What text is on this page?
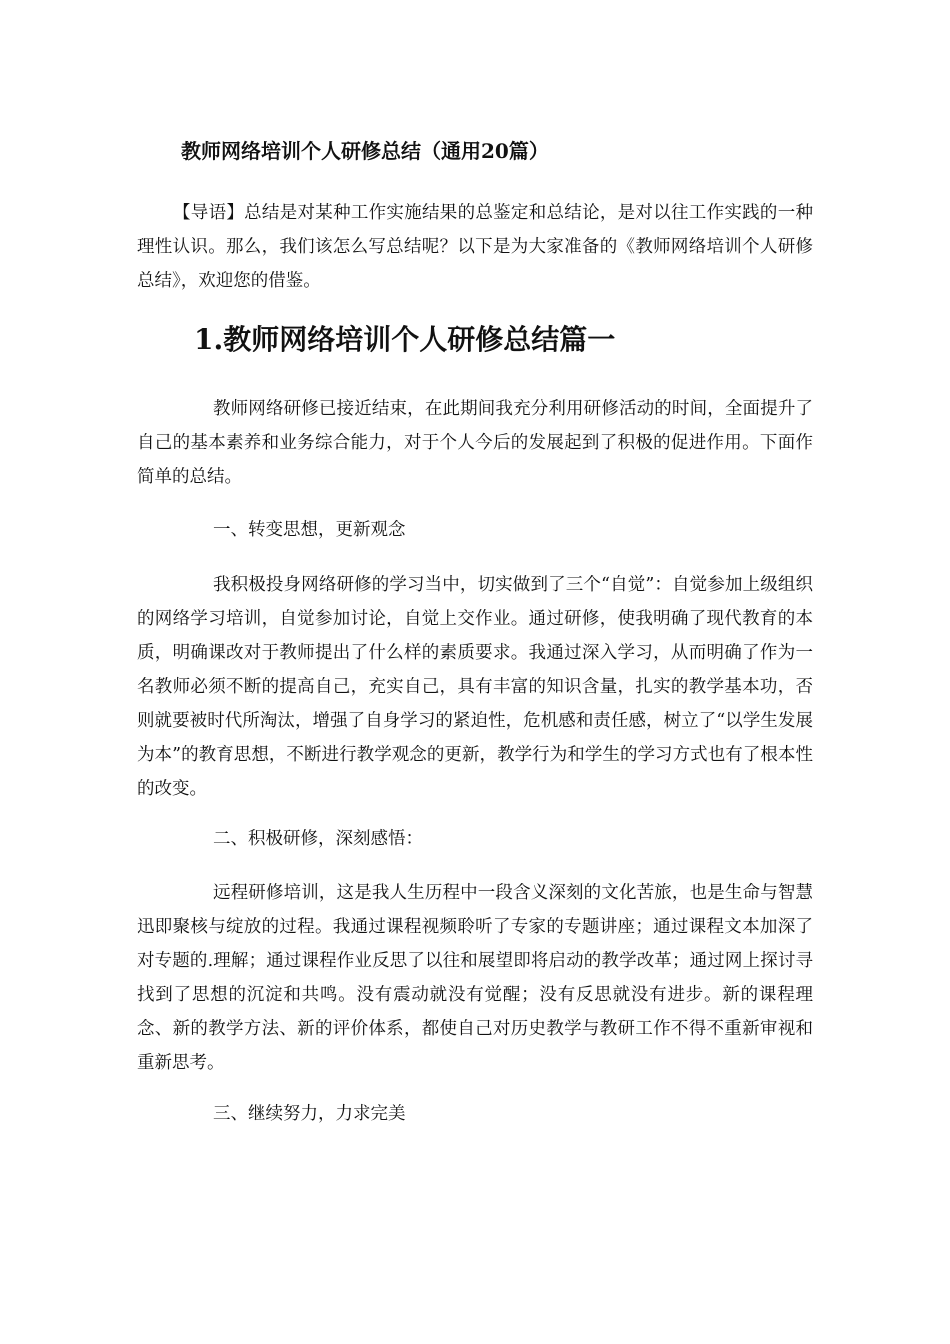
教师网络培训个人研修总结（通用20篇）

【导语】总结是对某种工作实施结果的总鉴定和总结论，是对以往工作实践的一种理性认识。那么，我们该怎么写总结呢？以下是为大家准备的《教师网络培训个人研修总结》，欢迎您的借鉴。

1.教师网络培训个人研修总结篇一

教师网络研修已接近结束，在此期间我充分利用研修活动的时间，全面提升了自己的基本素养和业务综合能力，对于个人今后的发展起到了积极的促进作用。下面作简单的总结。

一、转变思想，更新观念

我积极投身网络研修的学习当中，切实做到了三个“自觉”：自觉参加上级组织的网络学习培训，自觉参加讨论，自觉上交作业。通过研修，使我明确了现代教育的本质，明确课改对于教师提出了什么样的素质要求。我通过深入学习，从而明确了作为一名教师必须不断的提高自己，充实自己，具有丰富的知识含量，扎实的教学基本功，否则就要被时代所淘汰，增强了自身学习的紧迫性，危机感和责任感，树立了“以学生发展为本”的教育思想，不断进行教学观念的更新，教学行为和学生的学习方式也有了根本性的改变。

二、积极研修，深刻感悟：

远程研修培训，这是我人生历程中一段含义深刻的文化苦旅，也是生命与智慧迅即聚核与绽放的过程。我通过课程视频聆听了专家的专题讲座；通过课程文本加深了对专题的.理解；通过课程作业反思了以往和展望即将启动的教学改革；通过网上探讨寻找到了思想的沉淀和共鸣。没有震动就没有觉醒；没有反思就没有进步。新的课程理念、新的教学方法、新的评价体系，都使自己对历史教学与教研工作不得不重新审视和重新思考。

三、继续努力，力求完美
